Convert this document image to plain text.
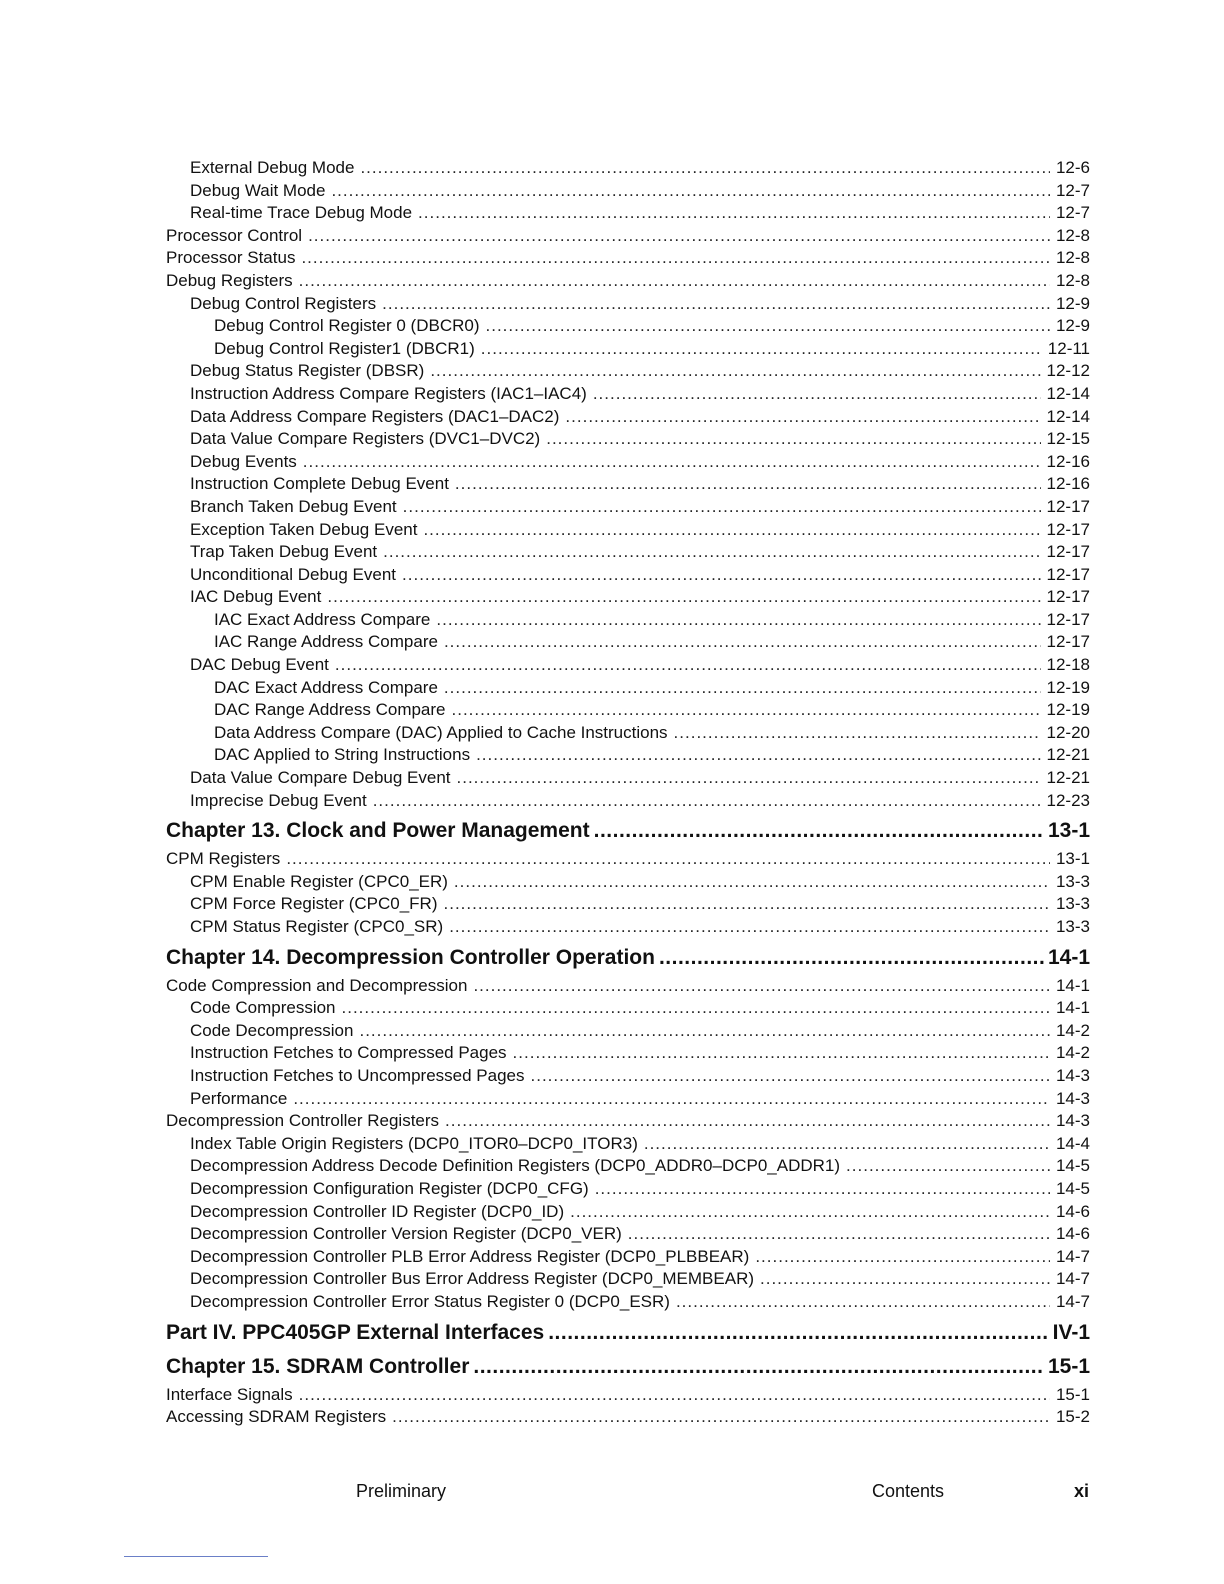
External Debug Mode .....	12-6
Debug Wait Mode .....	12-7
Real-time Trace Debug Mode .....	12-7
Processor Control .....	12-8
Processor Status .....	12-8
Debug Registers .....	12-8
Debug Control Registers .....	12-9
Debug Control Register 0 (DBCR0) .....	12-9
Debug Control Register1 (DBCR1) .....	12-11
Debug Status Register (DBSR) .....	12-12
Instruction Address Compare Registers (IAC1–IAC4) .....	12-14
Data Address Compare Registers (DAC1–DAC2) .....	12-14
Data Value Compare Registers (DVC1–DVC2) .....	12-15
Debug Events .....	12-16
Instruction Complete Debug Event .....	12-16
Branch Taken Debug Event .....	12-17
Exception Taken Debug Event .....	12-17
Trap Taken Debug Event .....	12-17
Unconditional Debug Event .....	12-17
IAC Debug Event .....	12-17
IAC Exact Address Compare .....	12-17
IAC Range Address Compare .....	12-17
DAC Debug Event .....	12-18
DAC Exact Address Compare .....	12-19
DAC Range Address Compare .....	12-19
Data Address Compare (DAC) Applied to Cache Instructions .....	12-20
DAC Applied to String Instructions .....	12-21
Data Value Compare Debug Event .....	12-21
Imprecise Debug Event .....	12-23
Chapter 13. Clock and Power Management .....	13-1
CPM Registers .....	13-1
CPM Enable Register (CPC0_ER) .....	13-3
CPM Force Register (CPC0_FR) .....	13-3
CPM Status Register (CPC0_SR) .....	13-3
Chapter 14. Decompression Controller Operation .....	14-1
Code Compression and Decompression .....	14-1
Code Compression .....	14-1
Code Decompression .....	14-2
Instruction Fetches to Compressed Pages .....	14-2
Instruction Fetches to Uncompressed Pages .....	14-3
Performance .....	14-3
Decompression Controller Registers .....	14-3
Index Table Origin Registers (DCP0_ITOR0–DCP0_ITOR3) .....	14-4
Decompression Address Decode Definition Registers (DCP0_ADDR0–DCP0_ADDR1) .....	14-5
Decompression Configuration Register (DCP0_CFG) .....	14-5
Decompression Controller ID Register (DCP0_ID) .....	14-6
Decompression Controller Version Register (DCP0_VER) .....	14-6
Decompression Controller PLB Error Address Register (DCP0_PLBBEAR) .....	14-7
Decompression Controller Bus Error Address Register (DCP0_MEMBEAR) .....	14-7
Decompression Controller Error Status Register 0 (DCP0_ESR) .....	14-7
Part IV. PPC405GP External Interfaces .....	IV-1
Chapter 15. SDRAM Controller .....	15-1
Interface Signals .....	15-1
Accessing SDRAM Registers .....	15-2
Preliminary	Contents	xi
